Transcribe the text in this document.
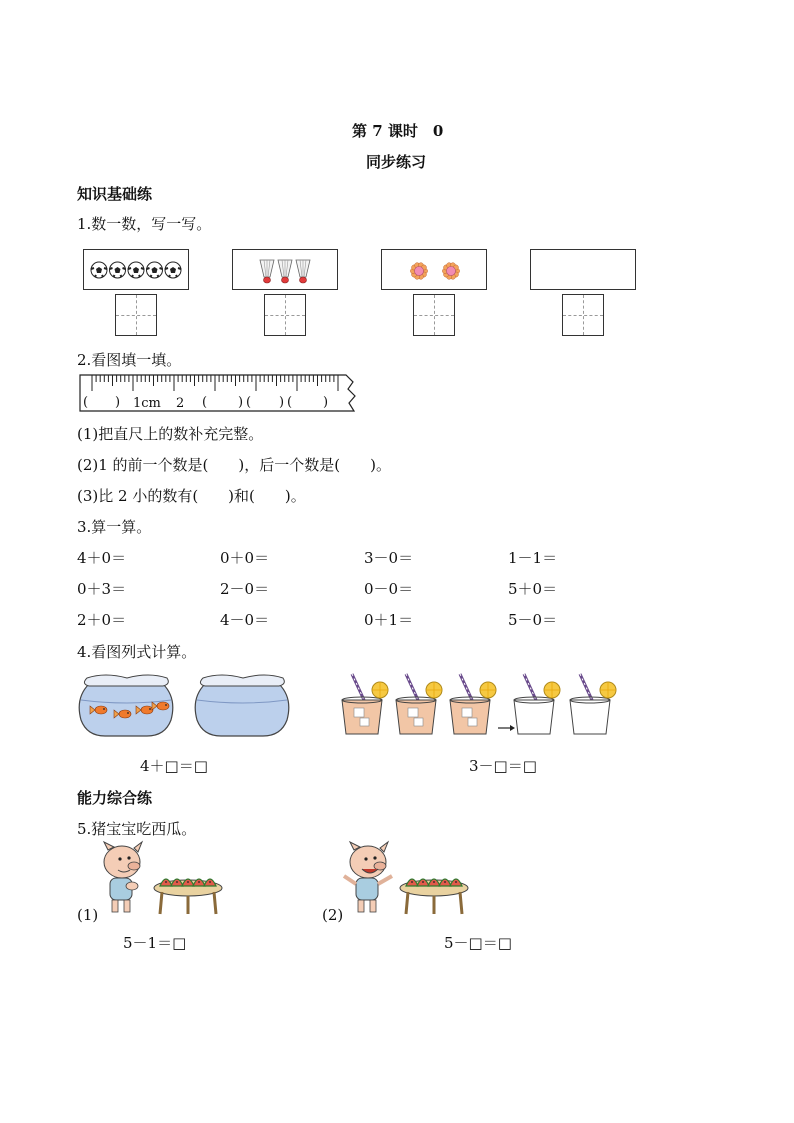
第 7 课时　0
同步练习
知识基础练
1.数一数，写一写。
2.看图填一填。
( ) 1cm 2 ( ) ( ) ( )
(1)把直尺上的数补充完整。
(2)1 的前一个数是(　　)，后一个数是(　　)。
(3)比 2 小的数有(　　)和(　　)。
3.算一算。
4＋0＝	0＋0＝	3－0＝	1－1＝
0＋3＝	2－0＝	0－0＝	5＋0＝
2＋0＝	4－0＝	0＋1＝	5－0＝
4.看图列式计算。
4＋□＝□	3－□＝□
能力综合练
5.猪宝宝吃西瓜。
(1)	(2)
5－1＝□	5－□＝□
